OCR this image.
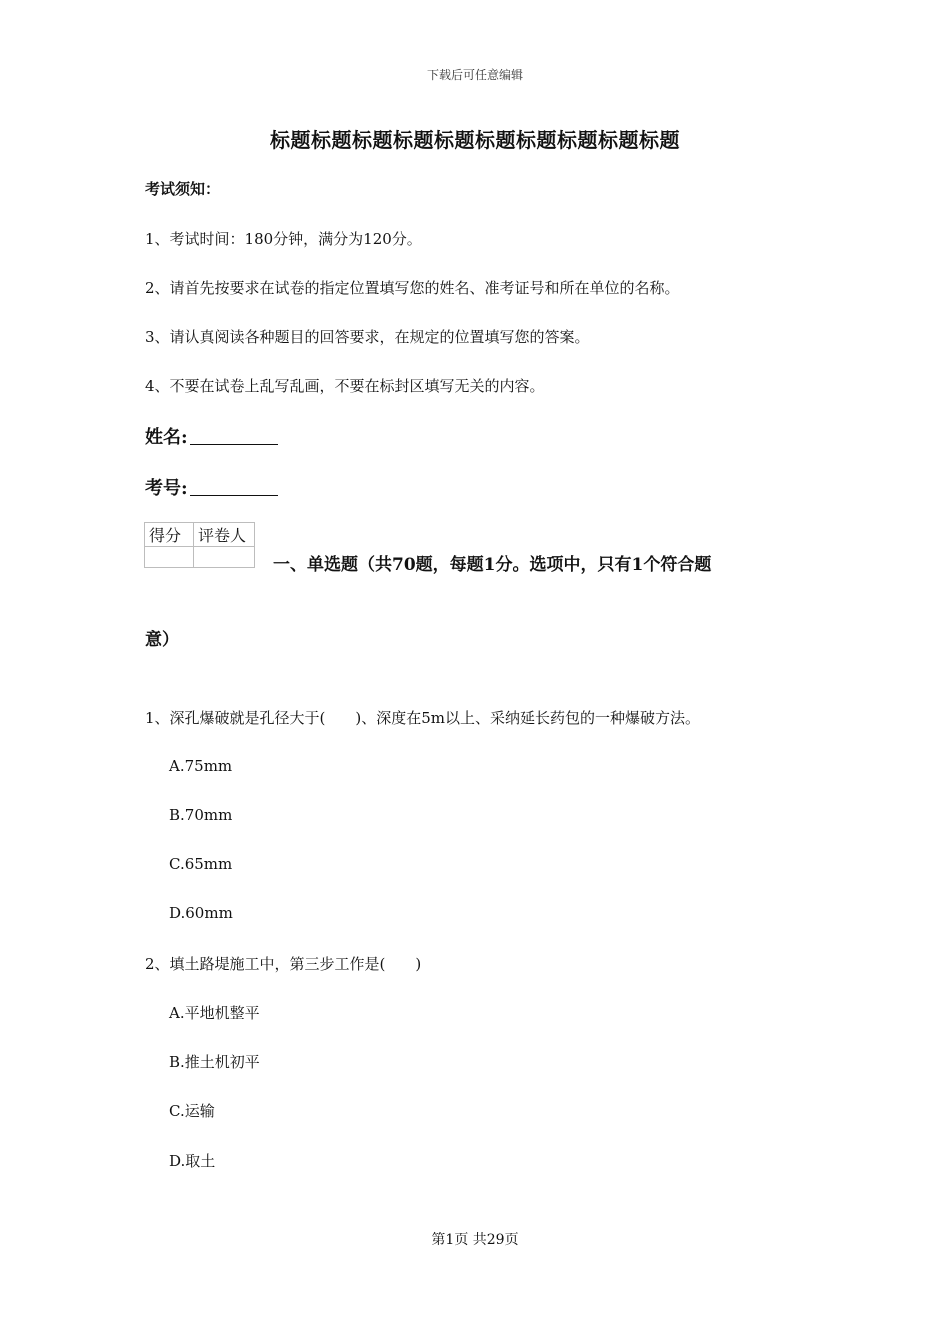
下载后可任意编辑
标题标题标题标题标题标题标题标题标题标题
考试须知：
1、考试时间：180分钟，满分为120分。
2、请首先按要求在试卷的指定位置填写您的姓名、准考证号和所在单位的名称。
3、请认真阅读各种题目的回答要求，在规定的位置填写您的答案。
4、不要在试卷上乱写乱画，不要在标封区填写无关的内容。
姓名:
考号:
得分	评卷人

一、单选题（共70题，每题1分。选项中，只有1个符合题
意）
1、深孔爆破就是孔径大于(　　)、深度在5m以上、采纳延长药包的一种爆破方法。
A.75mm
B.70mm
C.65mm
D.60mm
2、填土路堤施工中，第三步工作是(　　)
A.平地机整平
B.推土机初平
C.运输
D.取土
第1页 共29页
